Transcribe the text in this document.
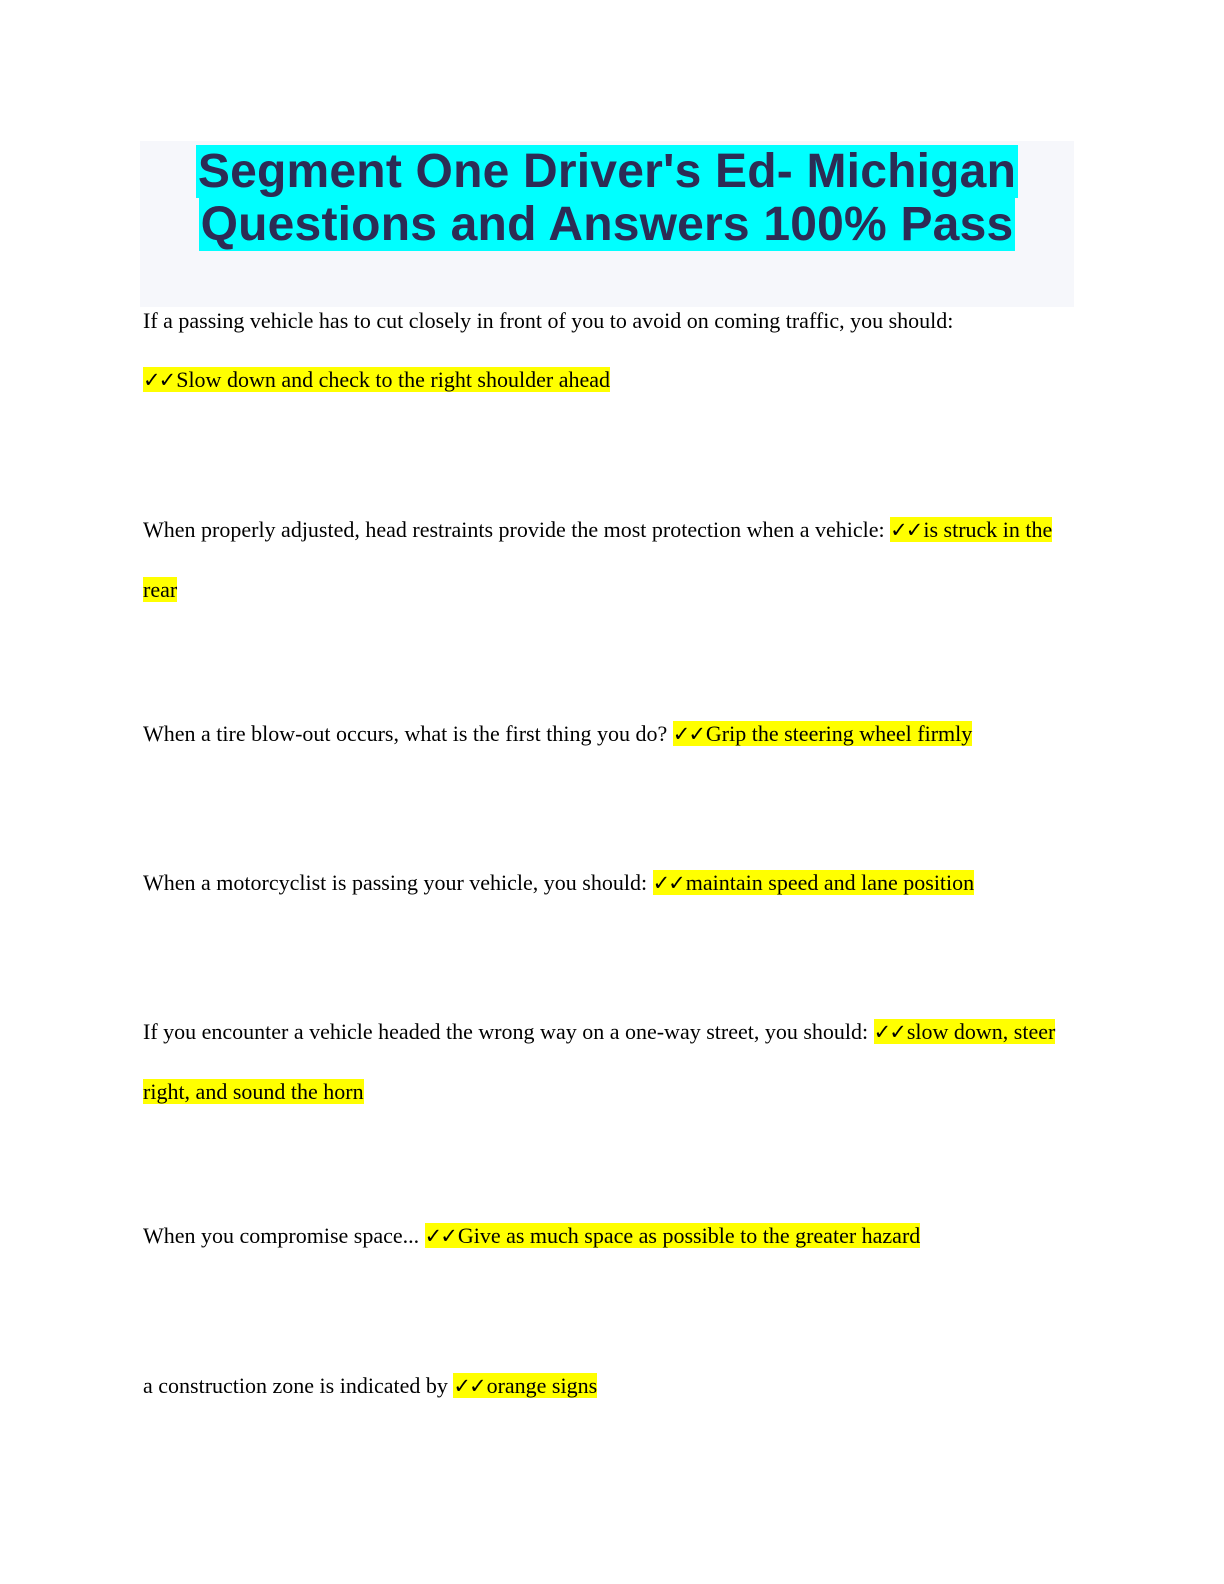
Segment One Driver's Ed- Michigan
Questions and Answers 100% Pass

If a passing vehicle has to cut closely in front of you to avoid on coming traffic, you should:
✓✓Slow down and check to the right shoulder ahead

When properly adjusted, head restraints provide the most protection when a vehicle: ✓✓is struck in the rear

When a tire blow-out occurs, what is the first thing you do? ✓✓Grip the steering wheel firmly

When a motorcyclist is passing your vehicle, you should: ✓✓maintain speed and lane position

If you encounter a vehicle headed the wrong way on a one-way street, you should: ✓✓slow down, steer right, and sound the horn

When you compromise space... ✓✓Give as much space as possible to the greater hazard

a construction zone is indicated by ✓✓orange signs
